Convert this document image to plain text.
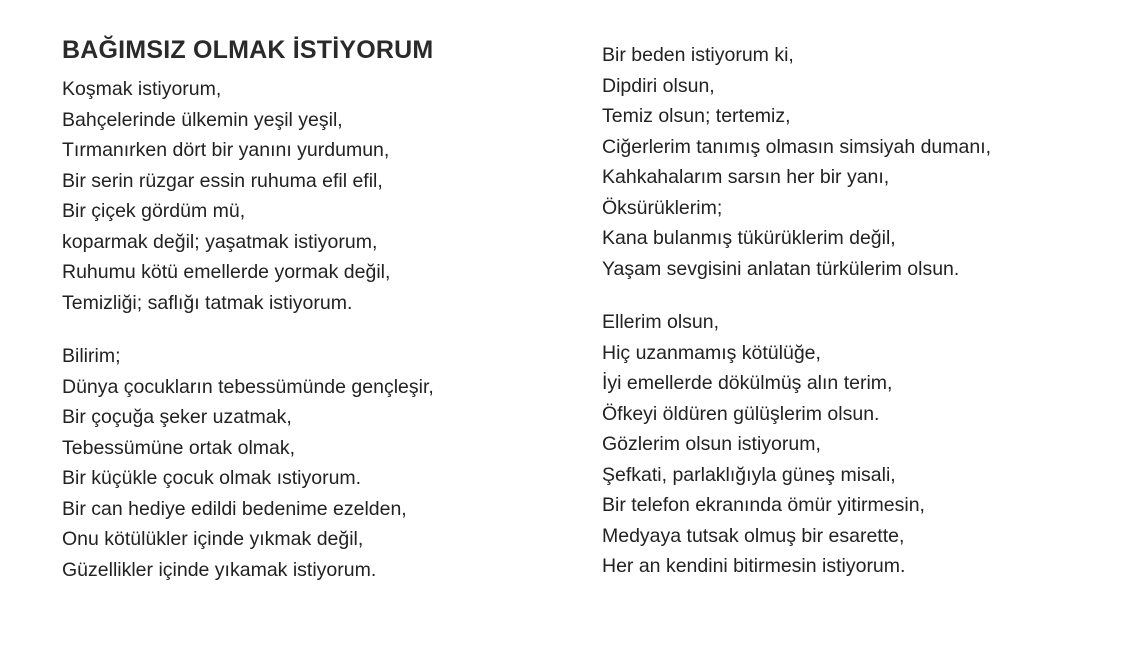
BAĞIMSIZ OLMAK İSTİYORUM
Koşmak istiyorum,
Bahçelerinde ülkemin yeşil yeşil,
Tırmanırken dört bir yanını yurdumun,
Bir serin rüzgar essin ruhuma efil efil,
Bir çiçek gördüm mü,
koparmak değil; yaşatmak istiyorum,
Ruhumu kötü emellerde yormak değil,
Temizliği; saflığı tatmak istiyorum.
Bilirim;
Dünya çocukların tebessümünde gençleşir,
Bir çoçuğa şeker uzatmak,
Tebessümüne ortak olmak,
Bir küçükle çocuk olmak ıstiyorum.
Bir can hediye edildi bedenime ezelden,
Onu kötülükler içinde yıkmak değil,
Güzellikler içinde yıkamak istiyorum.
Bir beden istiyorum ki,
Dipdiri olsun,
Temiz olsun; tertemiz,
Ciğerlerim tanımış olmasın simsiyah dumanı,
Kahkahalarım sarsın her bir yanı,
Öksürüklerim;
Kana bulanmış tükürüklerim değil,
Yaşam sevgisini anlatan türkülerim olsun.
Ellerim olsun,
Hiç uzanmamış kötülüğe,
İyi emellerde dökülmüş alın terim,
Öfkeyi öldüren gülüşlerim olsun.
Gözlerim olsun istiyorum,
Şefkati, parlaklığıyla güneş misali,
Bir telefon ekranında ömür yitirmesin,
Medyaya tutsak olmuş bir esarette,
Her an kendini bitirmesin istiyorum.
